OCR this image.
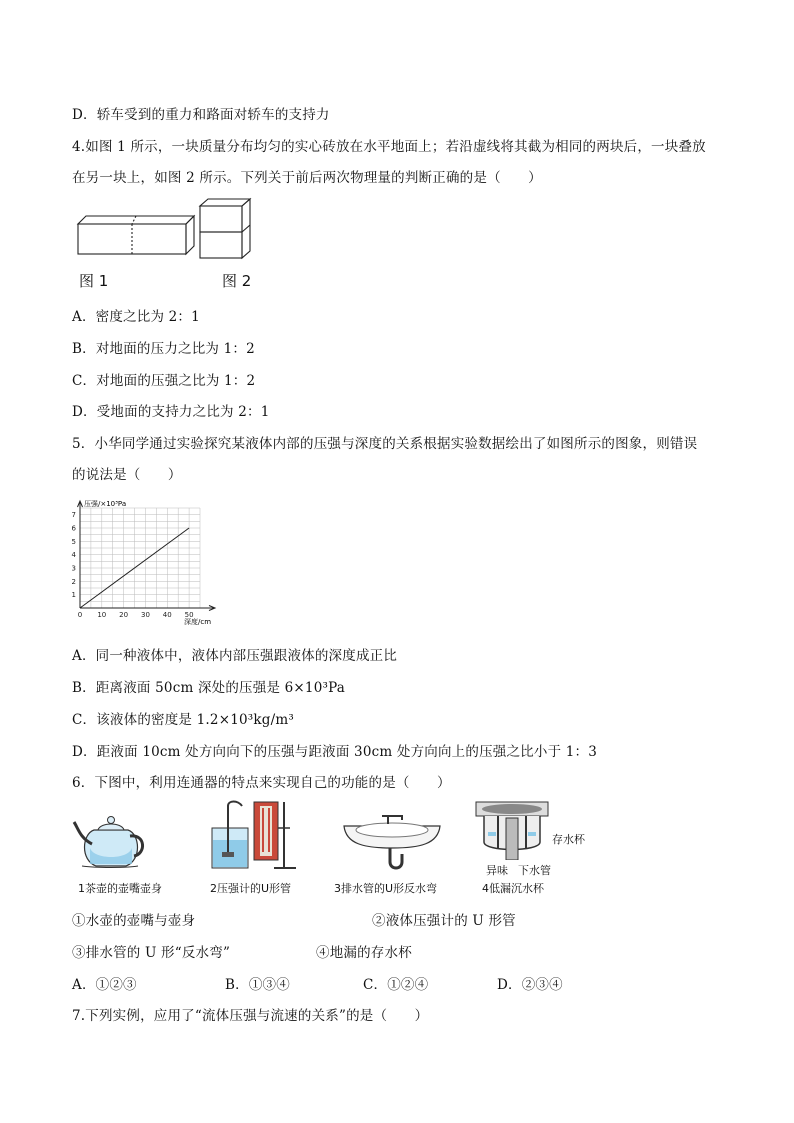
D．轿车受到的重力和路面对轿车的支持力
4.如图 1 所示，一块质量分布均匀的实心砖放在水平地面上；若沿虚线将其截为相同的两块后，一块叠放
在另一块上，如图 2 所示。下列关于前后两次物理量的判断正确的是（　　）
图 1	图 2
A．密度之比为 2：1
B．对地面的压力之比为 1：2
C．对地面的压强之比为 1：2
D．受地面的支持力之比为 2：1
5．小华同学通过实验探究某液体内部的压强与深度的关系根据实验数据绘出了如图所示的图象，则错误
的说法是（　　）
0 10 20 30 40 50
1
2
3
4
5
6
7
压强/×10³Pa
深度/cm
A．同一种液体中，液体内部压强跟液体的深度成正比
B．距离液面 50cm 深处的压强是 6×10³Pa
C．该液体的密度是 1.2×10³kg/m³
D．距液面 10cm 处方向向下的压强与距液面 30cm 处方向向上的压强之比小于 1：3
6．下图中，利用连通器的特点来实现自己的功能的是（　　）
存水杯
异味 下水管
1茶壶的壶嘴壶身	2压强计的U形管	3排水管的U形反水弯	4低漏沉水杯
①水壶的壶嘴与壶身	②液体压强计的 U 形管
③排水管的 U 形“反水弯”	④地漏的存水杯
A．①②③	B．①③④	C．①②④	D．②③④
7.下列实例，应用了“流体压强与流速的关系”的是（　　）
